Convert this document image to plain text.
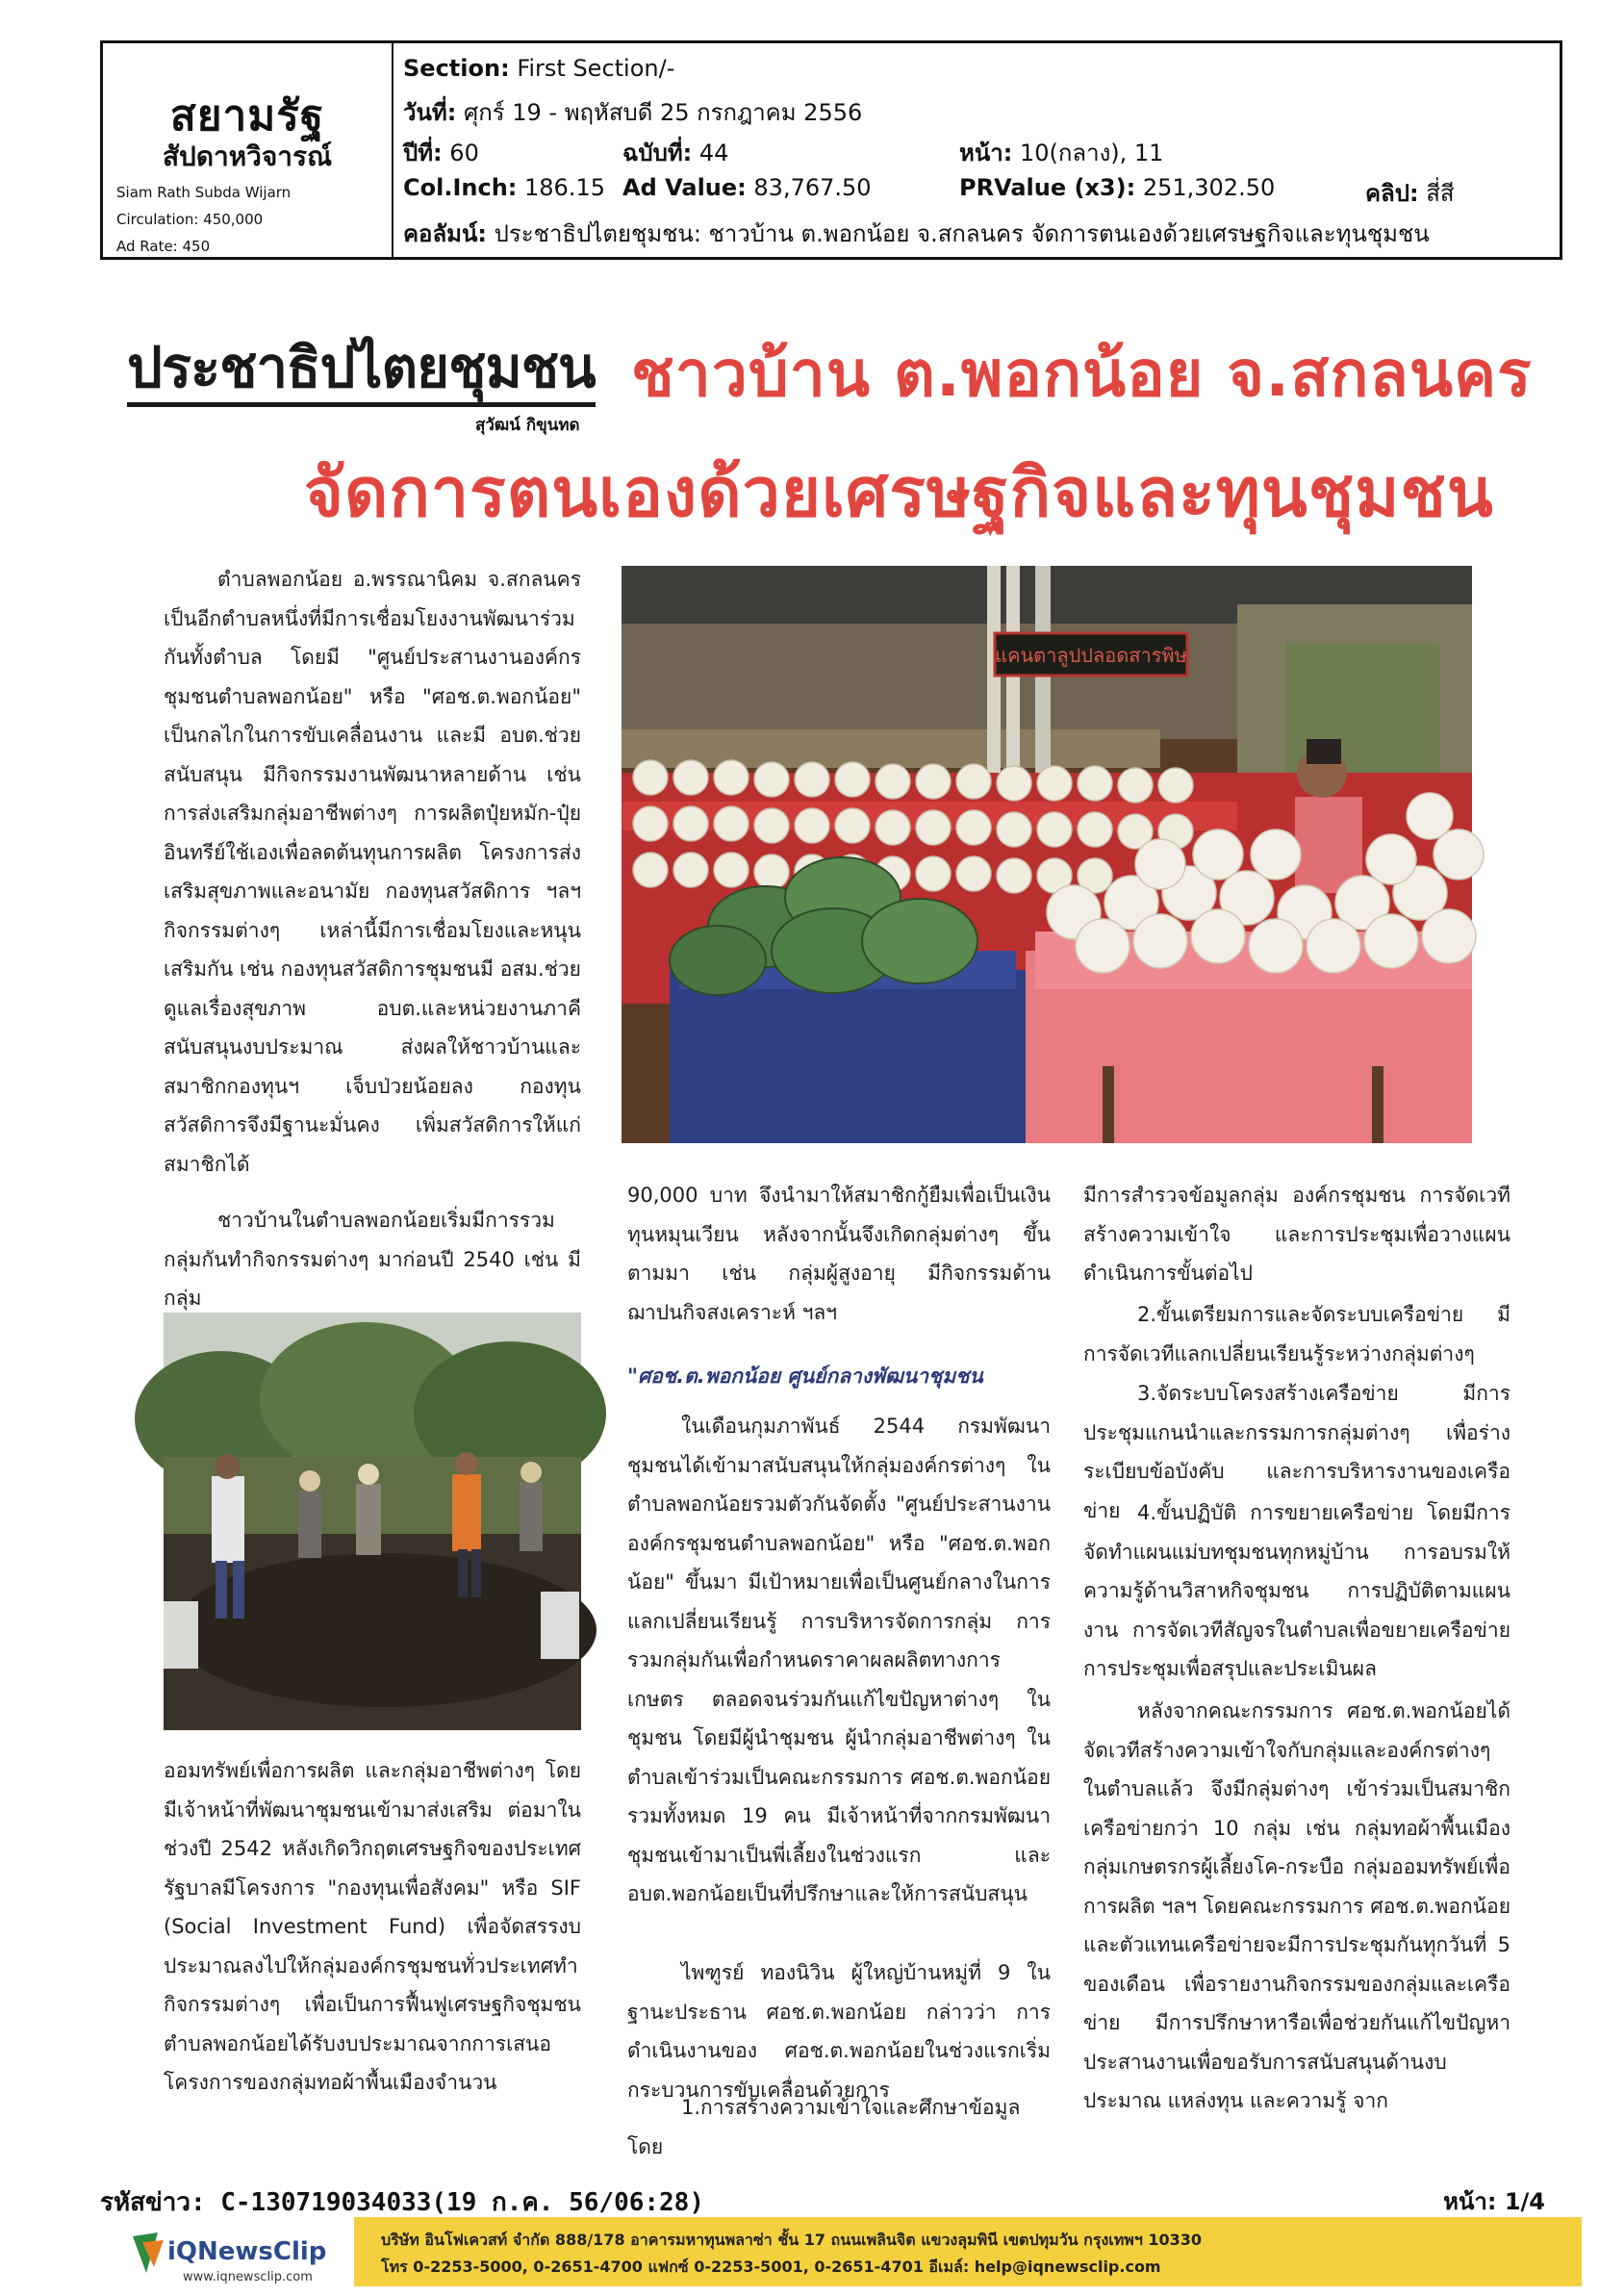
สยามรัฐ
สัปดาหวิจารณ์
Siam Rath Subda Wijarn
Circulation: 450,000
Ad Rate: 450
Section: First Section/-
วันที่: ศุกร์ 19 - พฤหัสบดี 25 กรกฎาคม 2556
ปีที่: 60	ฉบับที่: 44	หน้า: 10(กลาง), 11
Col.Inch: 186.15 Ad Value: 83,767.50	PRValue (x3): 251,302.50	คลิป: สี่สี
คอลัมน์: ประชาธิปไตยชุมชน: ชาวบ้าน ต.พอกน้อย จ.สกลนคร จัดการตนเองด้วยเศรษฐกิจและทุนชุมชน
ประชาธิปไตยชุมชน
สุวัฒน์ กิขุนทด
ชาวบ้าน ต.พอกน้อย จ.สกลนคร
จัดการตนเองด้วยเศรษฐกิจและทุนชุมชน

ตำบลพอกน้อย อ.พรรณานิคม จ.สกลนคร เป็นอีกตำบลหนึ่งที่มีการเชื่อมโยงงานพัฒนาร่วมกันทั้งตำบล โดยมี "ศูนย์ประสานงานองค์กรชุมชนตำบลพอกน้อย" หรือ "ศอช.ต.พอกน้อย" เป็นกลไกในการขับเคลื่อนงาน และมี อบต.ช่วยสนับสนุน มีกิจกรรมงานพัฒนาหลายด้าน เช่น การส่งเสริมกลุ่มอาชีพต่างๆ การผลิตปุ๋ยหมัก-ปุ๋ยอินทรีย์ใช้เองเพื่อลดต้นทุนการผลิต โครงการส่งเสริมสุขภาพและอนามัย กองทุนสวัสดิการ ฯลฯ กิจกรรมต่างๆ เหล่านี้มีการเชื่อมโยงและหนุนเสริมกัน เช่น กองทุนสวัสดิการชุมชนมี อสม.ช่วยดูแลเรื่องสุขภาพ อบต.และหน่วยงานภาคีสนับสนุนงบประมาณ ส่งผลให้ชาวบ้านและสมาชิกกองทุนฯ เจ็บป่วยน้อยลง กองทุนสวัสดิการจึงมีฐานะมั่นคง เพิ่มสวัสดิการให้แก่สมาชิกได้

ชาวบ้านในตำบลพอกน้อยเริ่มมีการรวมกลุ่มกันทำกิจกรรมต่างๆ มาก่อนปี 2540 เช่น มีกลุ่ม

ออมทรัพย์เพื่อการผลิต และกลุ่มอาชีพต่างๆ โดยมีเจ้าหน้าที่พัฒนาชุมชนเข้ามาส่งเสริม ต่อมาในช่วงปี 2542 หลังเกิดวิกฤตเศรษฐกิจของประเทศ รัฐบาลมีโครงการ "กองทุนเพื่อสังคม" หรือ SIF (Social Investment Fund) เพื่อจัดสรรงบประมาณลงไปให้กลุ่มองค์กรชุมชนทั่วประเทศทำกิจกรรมต่างๆ เพื่อเป็นการฟื้นฟูเศรษฐกิจชุมชน ตำบลพอกน้อยได้รับงบประมาณจากการเสนอโครงการของกลุ่มทอผ้าพื้นเมืองจำนวน

แคนตาลูปปลอดสารพิษ

90,000 บาท จึงนำมาให้สมาชิกกู้ยืมเพื่อเป็นเงินทุนหมุนเวียน หลังจากนั้นจึงเกิดกลุ่มต่างๆ ขึ้นตามมา เช่น กลุ่มผู้สูงอายุ มีกิจกรรมด้านฌาปนกิจสงเคราะห์ ฯลฯ

"ศอช.ต.พอกน้อย ศูนย์กลางพัฒนาชุมชน

ในเดือนกุมภาพันธ์ 2544 กรมพัฒนาชุมชนได้เข้ามาสนับสนุนให้กลุ่มองค์กรต่างๆ ในตำบลพอกน้อยรวมตัวกันจัดตั้ง "ศูนย์ประสานงานองค์กรชุมชนตำบลพอกน้อย" หรือ "ศอช.ต.พอกน้อย" ขึ้นมา มีเป้าหมายเพื่อเป็นศูนย์กลางในการแลกเปลี่ยนเรียนรู้ การบริหารจัดการกลุ่ม การรวมกลุ่มกันเพื่อกำหนดราคาผลผลิตทางการเกษตร ตลอดจนร่วมกันแก้ไขปัญหาต่างๆ ในชุมชน โดยมีผู้นำชุมชน ผู้นำกลุ่มอาชีพต่างๆ ในตำบลเข้าร่วมเป็นคณะกรรมการ ศอช.ต.พอกน้อย รวมทั้งหมด 19 คน มีเจ้าหน้าที่จากกรมพัฒนาชุมชนเข้ามาเป็นพี่เลี้ยงในช่วงแรก และ อบต.พอกน้อยเป็นที่ปรึกษาและให้การสนับสนุน

ไพฑูรย์ ทองนิวิน ผู้ใหญ่บ้านหมู่ที่ 9 ในฐานะประธาน ศอช.ต.พอกน้อย กล่าวว่า การดำเนินงานของ ศอช.ต.พอกน้อยในช่วงแรกเริ่มกระบวนการขับเคลื่อนด้วยการ

1.การสร้างความเข้าใจและศึกษาข้อมูล โดย

มีการสำรวจข้อมูลกลุ่ม องค์กรชุมชน การจัดเวทีสร้างความเข้าใจ และการประชุมเพื่อวางแผนดำเนินการขั้นต่อไป

2.ขั้นเตรียมการและจัดระบบเครือข่าย มีการจัดเวทีแลกเปลี่ยนเรียนรู้ระหว่างกลุ่มต่างๆ

3.จัดระบบโครงสร้างเครือข่าย มีการประชุมแกนนำและกรรมการกลุ่มต่างๆ เพื่อร่างระเบียบข้อบังคับ และการบริหารงานของเครือข่าย 4.ขั้นปฏิบัติ การขยายเครือข่าย โดยมีการจัดทำแผนแม่บทชุมชนทุกหมู่บ้าน การอบรมให้ความรู้ด้านวิสาหกิจชุมชน การปฏิบัติตามแผนงาน การจัดเวทีสัญจรในตำบลเพื่อขยายเครือข่าย การประชุมเพื่อสรุปและประเมินผล

หลังจากคณะกรรมการ ศอช.ต.พอกน้อยได้จัดเวทีสร้างความเข้าใจกับกลุ่มและองค์กรต่างๆ ในตำบลแล้ว จึงมีกลุ่มต่างๆ เข้าร่วมเป็นสมาชิกเครือข่ายกว่า 10 กลุ่ม เช่น กลุ่มทอผ้าพื้นเมือง กลุ่มเกษตรกรผู้เลี้ยงโค-กระบือ กลุ่มออมทรัพย์เพื่อการผลิต ฯลฯ โดยคณะกรรมการ ศอช.ต.พอกน้อย และตัวแทนเครือข่ายจะมีการประชุมกันทุกวันที่ 5 ของเดือน เพื่อรายงานกิจกรรมของกลุ่มและเครือข่าย มีการปรึกษาหารือเพื่อช่วยกันแก้ไขปัญหา ประสานงานเพื่อขอรับการสนับสนุนด้านงบประมาณ แหล่งทุน และความรู้ จาก

รหัสข่าว: C-130719034033(19 ก.ค. 56/06:28)	หน้า: 1/4
iQNewsClip
www.iqnewsclip.com
บริษัท อินโฟเควสท์ จำกัด 888/178 อาคารมหาทุนพลาซ่า ชั้น 17 ถนนเพลินจิต แขวงลุมพินี เขตปทุมวัน กรุงเทพฯ 10330
โทร 0-2253-5000, 0-2651-4700 แฟกซ์ 0-2253-5001, 0-2651-4701 อีเมล์: help@iqnewsclip.com
